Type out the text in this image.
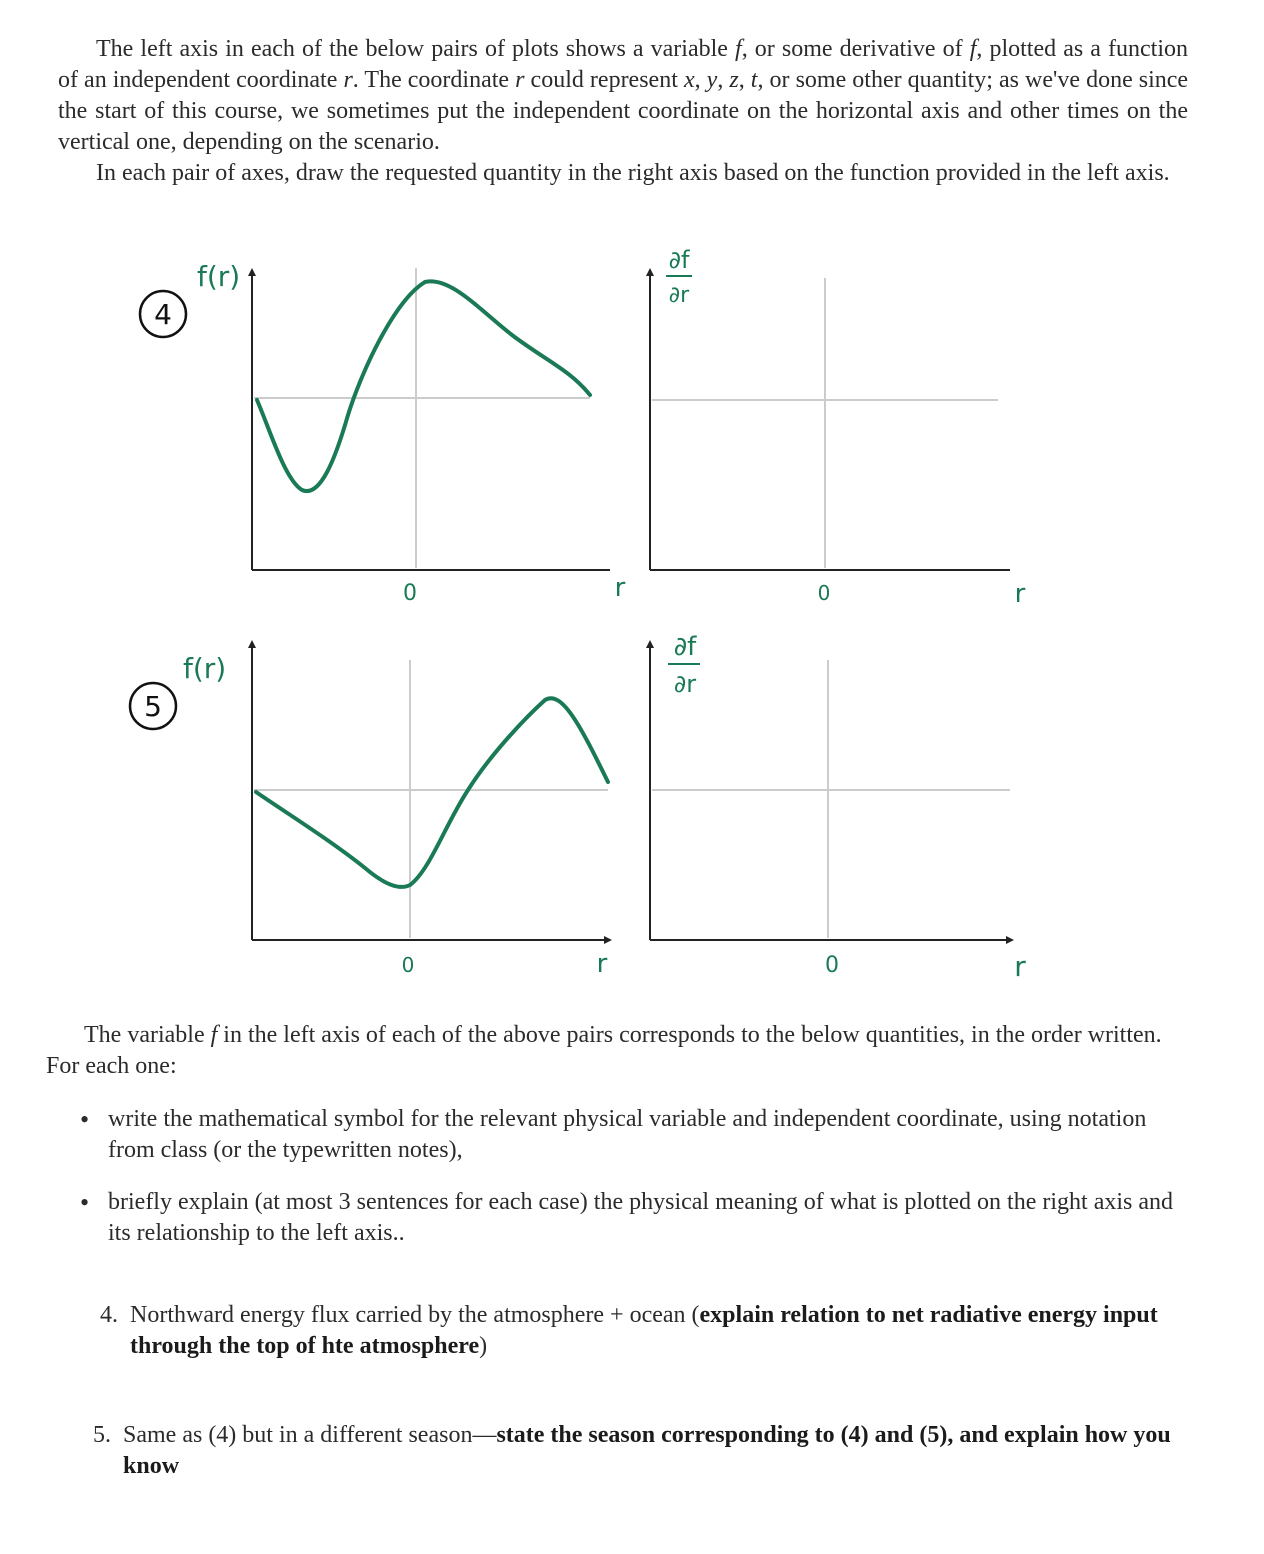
The left axis in each of the below pairs of plots shows a variable f, or some derivative of f, plotted as a function of an independent coordinate r. The coordinate r could represent x, y, z, t, or some other quantity; as we've done since the start of this course, we sometimes put the independent coordinate on the horizontal axis and other times on the vertical one, depending on the scenario.

In each pair of axes, draw the requested quantity in the right axis based on the function provided in the left axis.

4
f(r)
0	r
∂f
∂r
0	r
5
f(r)
0	r
∂f
∂r
0	r

The variable f in the left axis of each of the above pairs corresponds to the below quantities, in the order written. For each one:

• write the mathematical symbol for the relevant physical variable and independent coordinate, using notation from class (or the typewritten notes),
• briefly explain (at most 3 sentences for each case) the physical meaning of what is plotted on the right axis and its relationship to the left axis..
4. Northward energy flux carried by the atmosphere + ocean (explain relation to net radiative energy input through the top of hte atmosphere)
5. Same as (4) but in a different season—state the season corresponding to (4) and (5), and explain how you know
